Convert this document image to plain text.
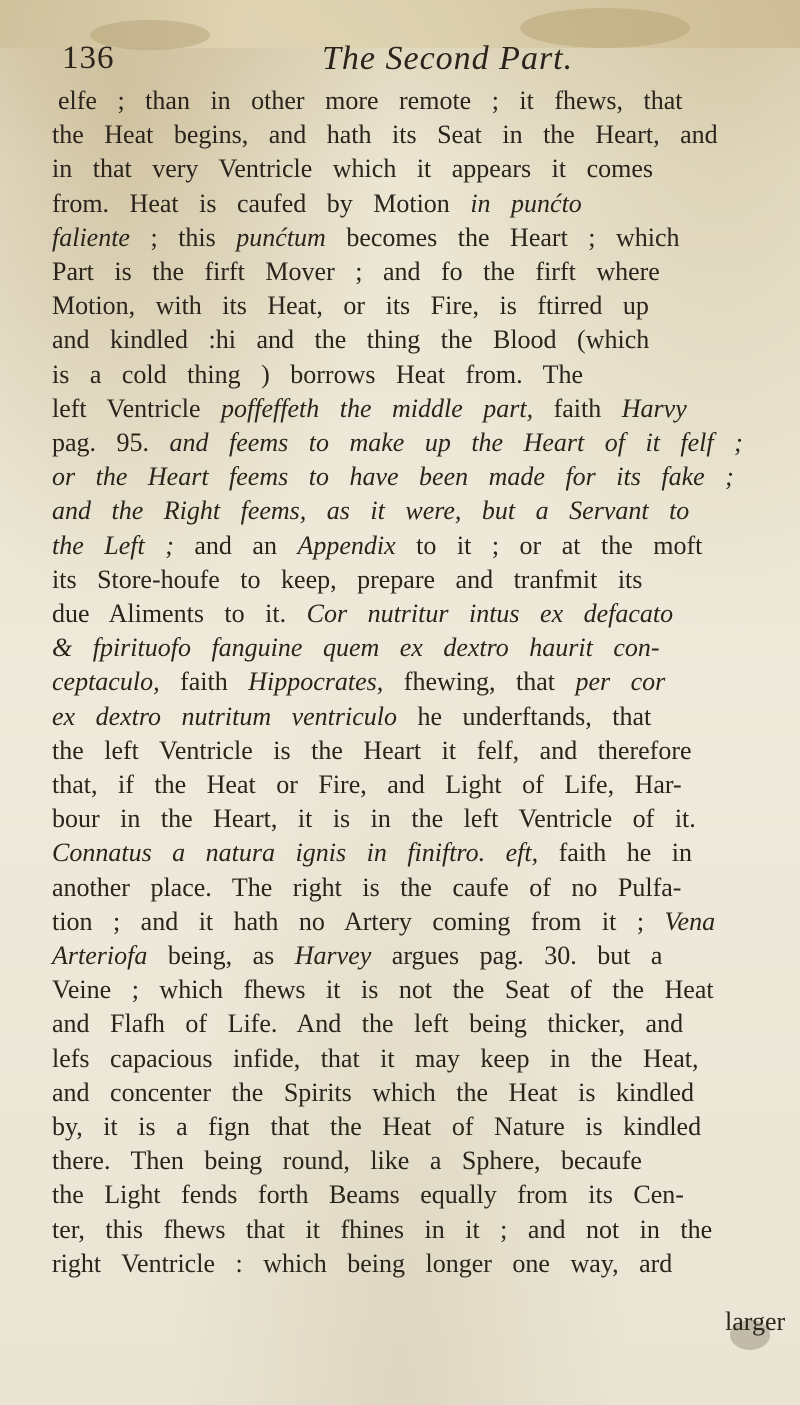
136	The Second Part.
elfe ; than in other more remote ; it fhews, that
the Heat begins, and hath its Seat in the Heart, and
in that very Ventricle which it appears it comes
from. Heat is caufed by Motion in punćto
faliente ; this punćtum becomes the Heart ; which
Part is the firft Mover ; and fo the firft where
Motion, with its Heat, or its Fire, is ftirred up
and kindled :hi and the thing the Blood (which
is a cold thing ) borrows Heat from. The
left Ventricle poffeffeth the middle part, faith Harvy
pag. 95. and feems to make up the Heart of it felf ;
or the Heart feems to have been made for its fake ;
and the Right feems, as it were, but a Servant to
the Left ; and an Appendix to it ; or at the moft
its Store-houfe to keep, prepare and tranfmit its
due Aliments to it. Cor nutritur intus ex defacato
& fpirituofo fanguine quem ex dextro haurit con-
ceptaculo, faith Hippocrates, fhewing, that per cor
ex dextro nutritum ventriculo he underftands, that
the left Ventricle is the Heart it felf, and therefore
that, if the Heat or Fire, and Light of Life, Har-
bour in the Heart, it is in the left Ventricle of it.
Connatus a natura ignis in finiftro. eft, faith he in
another place. The right is the caufe of no Pulfa-
tion ; and it hath no Artery coming from it ; Vena
Arteriofa being, as Harvey argues pag. 30. but a
Veine ; which fhews it is not the Seat of the Heat
and Flafh of Life. And the left being thicker, and
lefs capacious infide, that it may keep in the Heat,
and concenter the Spirits which the Heat is kindled
by, it is a fign that the Heat of Nature is kindled
there. Then being round, like a Sphere, becaufe
the Light fends forth Beams equally from its Cen-
ter, this fhews that it fhines in it ; and not in the
right Ventricle : which being longer one way, ard
larger
